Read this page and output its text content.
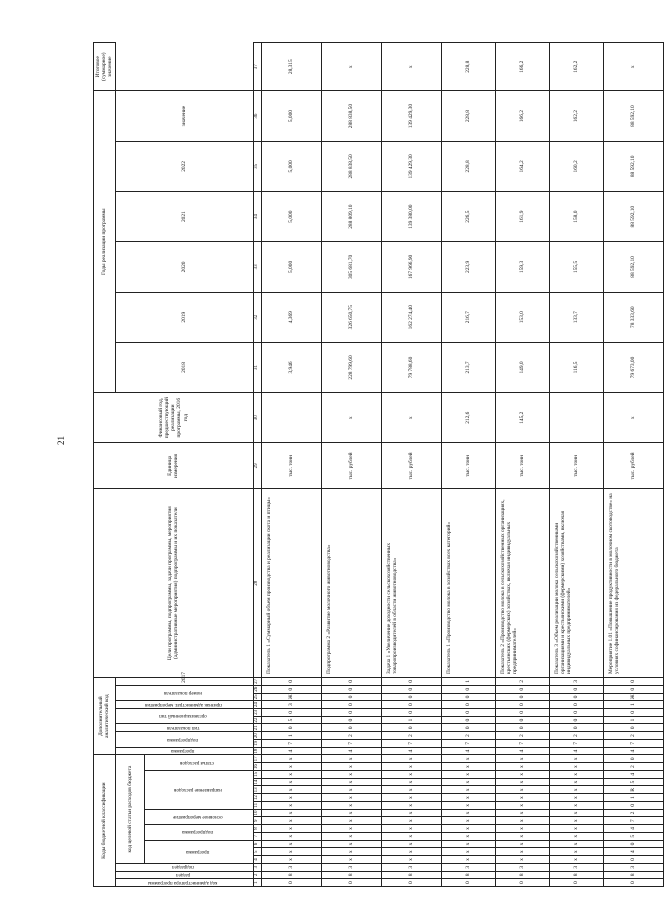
21
Коды бюджетной классификации																	Дополнительный аналитический код										Цели программы, подпрограммы, задачи программы, мероприятия (административные мероприятия) подпрограммы и их показатели	Единица измерения	Финансовый год, предшествующий реализации программы, 2016 год	Годы реализации программы						Итоговое (суммарное) значение
код администратора программы	раздел	подраздел	код целевой статьи расходов бюджета														программа	подпрограмма		тип показателя	организационный тип		признак администрат. мероприятия	номер показателя		2017				2018	2019	2020	2021	2022	значение	
			программа			подпрограмма		основное мероприятие		направление расходов					статья расходов																					
1	2	3	4	5	6	7	8	9	10	11	12	13	14	15	16	17	18	19	20	21	22	23	24	25	26	27	28	29	30	31	32	33	34	35	36	37
0	8	3	x	x	x	x	x	x	x	x	x	x	x	x	x	x	4	7	1	0	5	0	3	Ж	0	0	Показатель 1 «Суммарный объем производства и реализации скота и птицы»	тыс. тонн		3,946	4,369	5,000	5,000	5,000	5,000	28,315
0	8	3	x	x	x	x	x	x	x	x	x	x	x	x	x	x	4	7	2	0	0	0	0	0	0	0	Подпрограмма 2 «Развитие молочного животноводства»	тыс. рублей	x	228 799,60	326 650,75	305 681,70	288 809,10	288 838,50	288 838,50	x
0	8	3	x	x	x	x	x	x	x	x	x	x	x	x	x	x	4	7	2	0	1	0	0	0	0	0	Задача 1 «Увеличение доходности сельскохозяйственных товаропроизводителей в области животноводства»	тыс. рублей	x	79 788,60	162 274,40	167 966,90	139 380,00	139 429,30	139 429,30	x
0	8	3	x	x	x	x	x	x	x	x	x	x	x	x	x	x	4	7	2	0	0	0	0	0	0	1	Показатель 1 «Производство молока в хозяйствах всех категорий»	тыс. тонн	212,6	213,7	216,7	223,9	226,5	228,8	228,8	228,8
0	8	3	x	x	x	x	x	x	x	x	x	x	x	x	x	x	4	7	2	0	0	0	0	0	0	2	Показатель 2 «Производство молока в сельскохозяйственных организациях, крестьянских (фермерских) хозяйствах, включая индивидуальных предпринимателей»	тыс. тонн	145,2	149,0	153,0	159,3	161,9	164,2	166,2	166,2
0	8	3	x	x	x	x	x	x	x	x	x	x	x	x	x	x	4	7	2	0	0	0	0	0	0	3	Показатель 3 «Объем реализации молока сельскохозяйственными организациями и крестьянскими (фермерскими) хозяйствами, включая индивидуальных предпринимателей»	тыс. тонн		116,5	133,7	155,5	158,0	160,2	162,2	162,2
0	8	3	0	4	0	5	4	7	2	0	1	R	5	4	2	0	4	7	2	0	1	0	1	Ж	0	0	Мероприятие 1.01 «Повышение продуктивности в молочном скотоводстве» на условиях софинансирования из федерального бюджета	тыс. рублей	x	79 673,00	78 333,60	88 592,10	88 592,10	88 592,10	88 592,10	x
